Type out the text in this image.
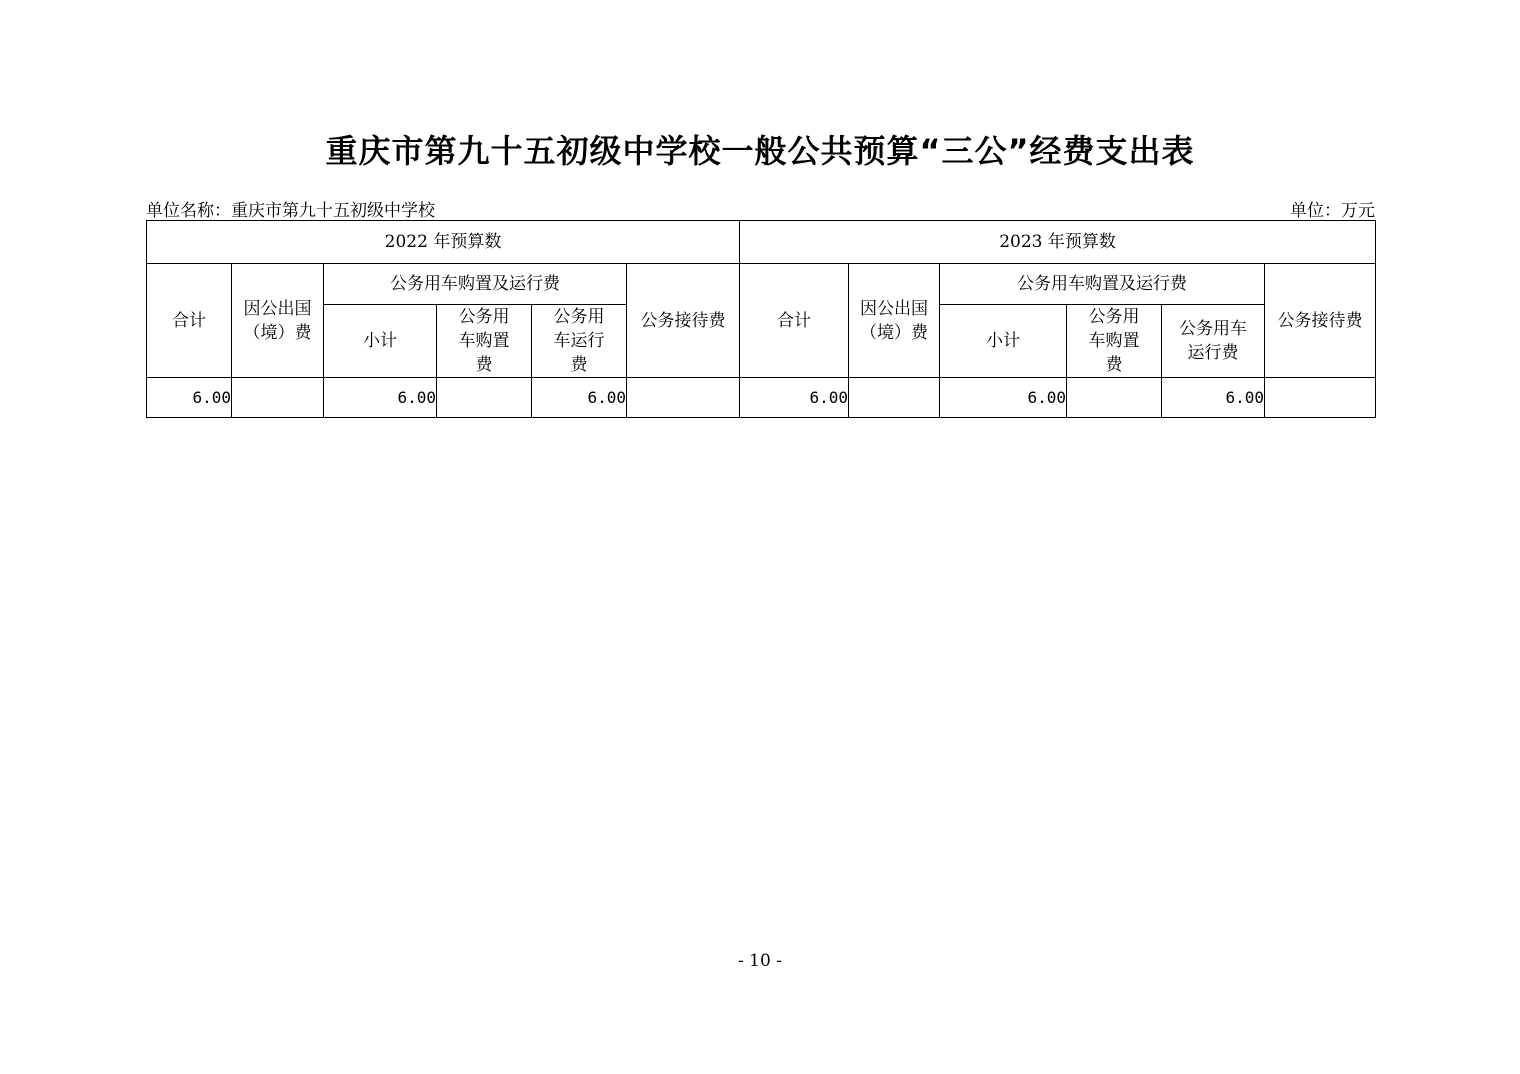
重庆市第九十五初级中学校一般公共预算“三公”经费支出表
单位名称：重庆市第九十五初级中学校	单位：万元
2022 年预算数						2023 年预算数					
合计	因公出国（境）费	公务用车购置及运行费			公务接待费	合计	因公出国（境）费	公务用车购置及运行费			公务接待费
		小计	公务用车购置费	公务用车运行费				小计	公务用车购置费	公务用车运行费	
6.00		6.00		6.00		6.00		6.00		6.00	
- 10 -
